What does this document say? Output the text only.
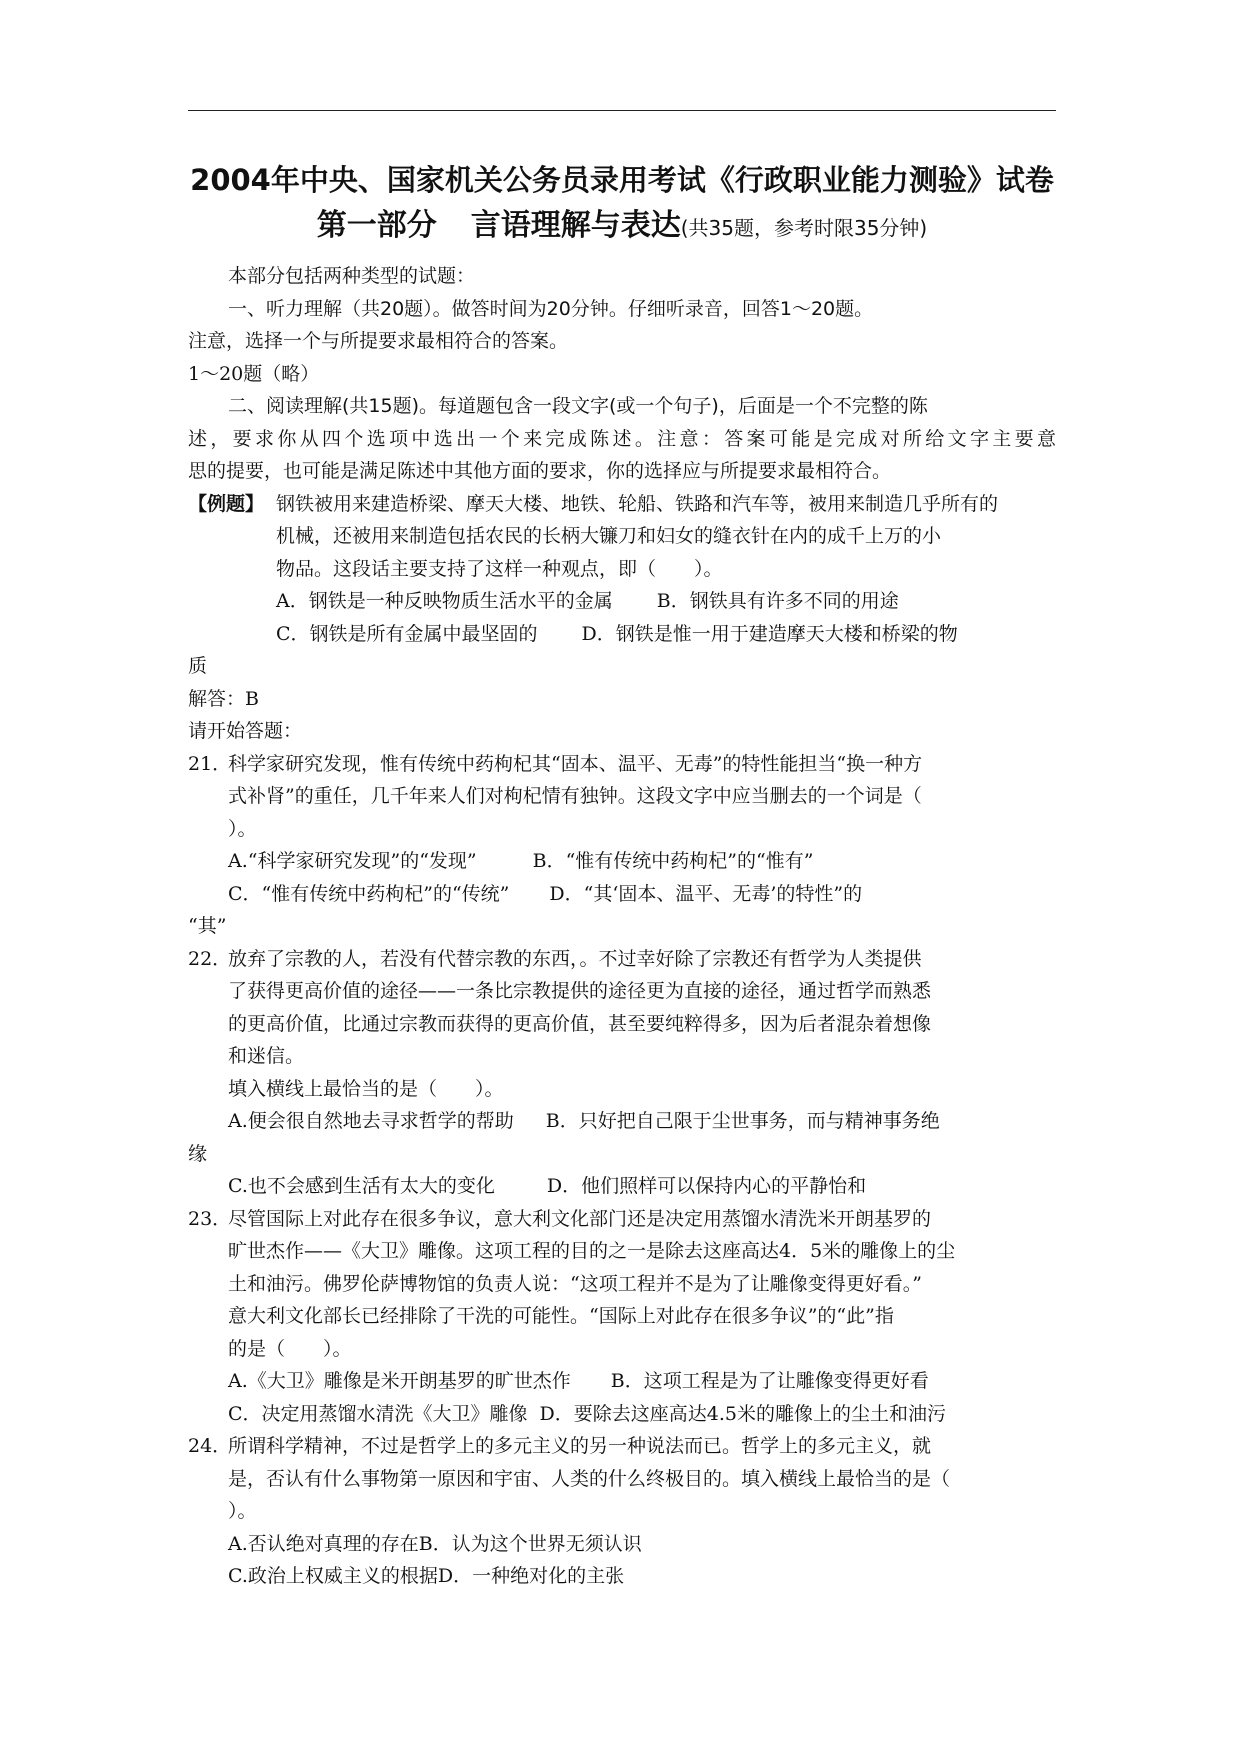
2004年中央、国家机关公务员录用考试《行政职业能力测验》试卷

第一部分 言语理解与表达(共35题，参考时限35分钟)

本部分包括两种类型的试题：

一、听力理解（共20题）。做答时间为20分钟。仔细听录音，回答1～20题。

注意，选择一个与所提要求最相符合的答案。

1～20题（略）

二、阅读理解(共15题)。每道题包含一段文字(或一个句子)，后面是一个不完整的陈

述，要求你从四个选项中选出一个来完成陈述。注意：答案可能是完成对所给文字主要意

思的提要，也可能是满足陈述中其他方面的要求，你的选择应与所提要求最相符合。

【例题】 钢铁被用来建造桥梁、摩天大楼、地铁、轮船、铁路和汽车等，被用来制造几乎所有的

机械，还被用来制造包括农民的长柄大镰刀和妇女的缝衣针在内的成千上万的小

物品。这段话主要支持了这样一种观点，即（　　）。

A．钢铁是一种反映物质生活水平的金属 B．钢铁具有许多不同的用途

C．钢铁是所有金属中最坚固的 D．钢铁是惟一用于建造摩天大楼和桥梁的物

质

解答：B

请开始答题：

21．科学家研究发现，惟有传统中药枸杞其“固本、温平、无毒”的特性能担当“换一种方

式补肾”的重任，几千年来人们对枸杞情有独钟。这段文字中应当删去的一个词是（

）。

A.“科学家研究发现”的“发现”	B．“惟有传统中药枸杞”的“惟有”

C．“惟有传统中药枸杞”的“传统” D．“其‘固本、温平、无毒’的特性”的

“其”

22．放弃了宗教的人，若没有代替宗教的东西，。不过幸好除了宗教还有哲学为人类提供

了获得更高价值的途径——一条比宗教提供的途径更为直接的途径，通过哲学而熟悉

的更高价值，比通过宗教而获得的更高价值，甚至要纯粹得多，因为后者混杂着想像

和迷信。

填入横线上最恰当的是（　　）。

A.便会很自然地去寻求哲学的帮助 B．只好把自己限于尘世事务，而与精神事务绝

缘

C.也不会感到生活有太大的变化	D．他们照样可以保持内心的平静怡和

23．尽管国际上对此存在很多争议，意大利文化部门还是决定用蒸馏水清洗米开朗基罗的

旷世杰作——《大卫》雕像。这项工程的目的之一是除去这座高达4．5米的雕像上的尘

土和油污。佛罗伦萨博物馆的负责人说：“这项工程并不是为了让雕像变得更好看。”

意大利文化部长已经排除了干洗的可能性。“国际上对此存在很多争议”的“此”指

的是（　　）。

A.《大卫》雕像是米开朗基罗的旷世杰作 B．这项工程是为了让雕像变得更好看

C．决定用蒸馏水清洗《大卫》雕像 D．要除去这座高达4.5米的雕像上的尘土和油污

24．所谓科学精神，不过是哲学上的多元主义的另一种说法而已。哲学上的多元主义，就

是，否认有什么事物第一原因和宇宙、人类的什么终极目的。填入横线上最恰当的是（

）。

A.否认绝对真理的存在B．认为这个世界无须认识

C.政治上权威主义的根据D．一种绝对化的主张
